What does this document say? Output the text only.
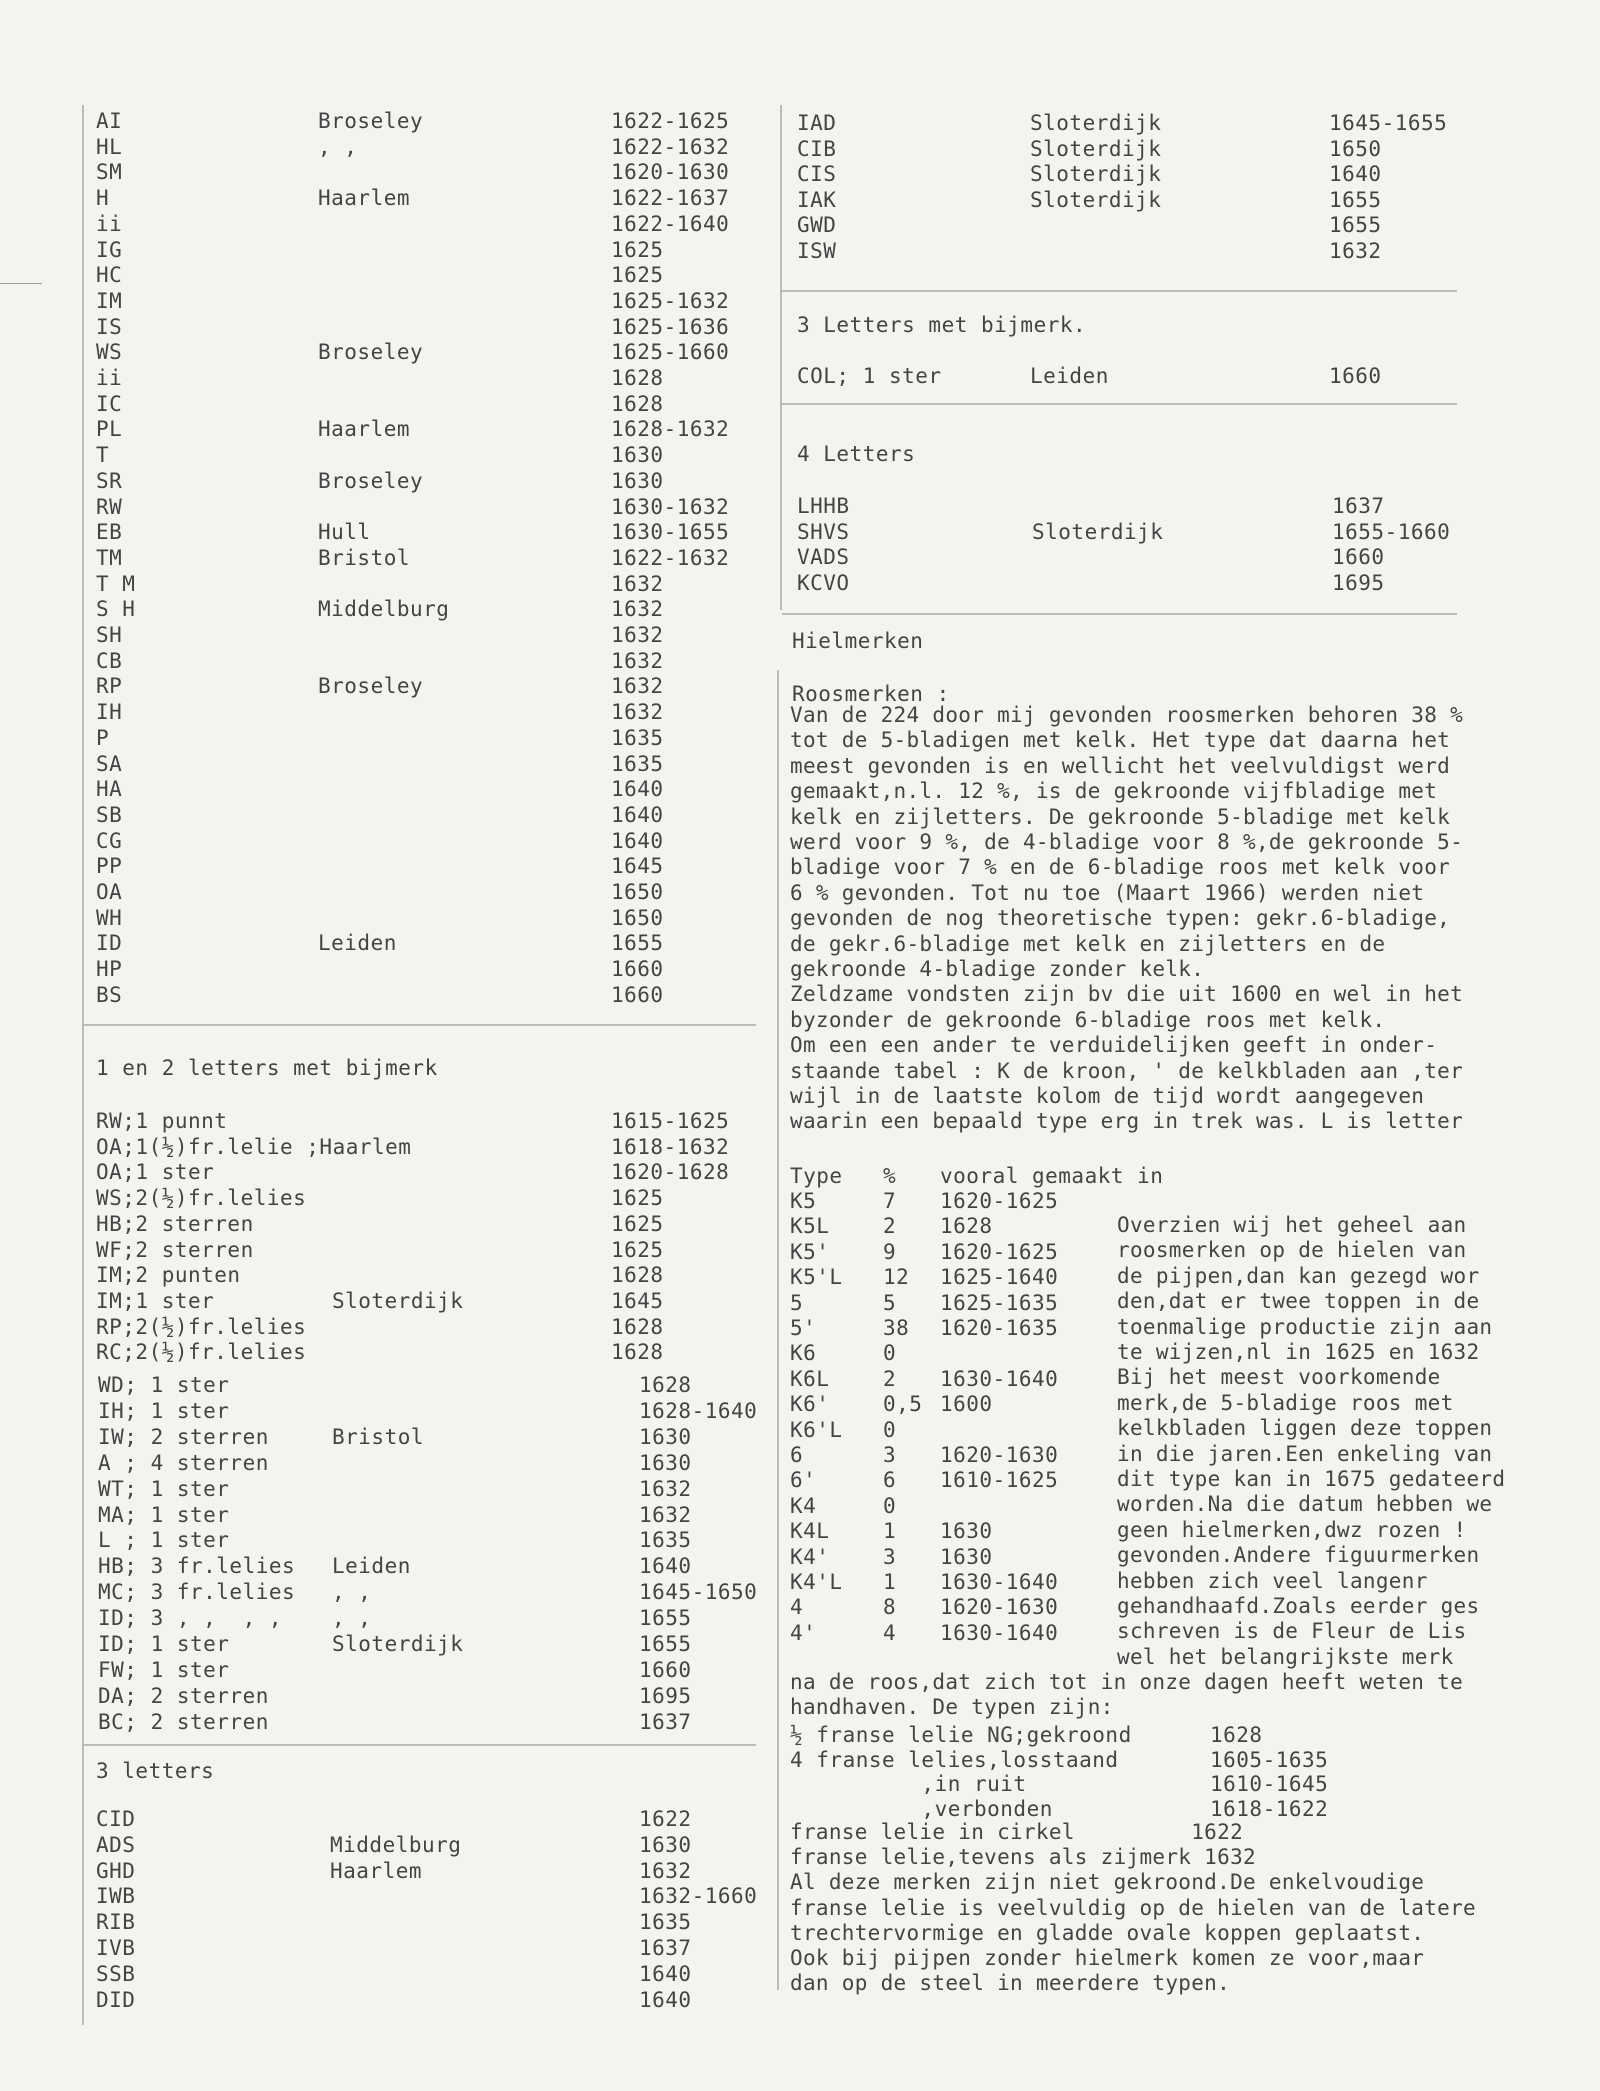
AI	Broseley	1622-1625
HL	, ,	1622-1632
SM	1620-1630
H	Haarlem	1622-1637
ii	1622-1640
IG	1625
HC	1625
IM	1625-1632
IS	1625-1636
WS	Broseley	1625-1660
ii	1628
IC	1628
PL	Haarlem	1628-1632
T	1630
SR	Broseley	1630
RW	1630-1632
EB	Hull	1630-1655
TM	Bristol	1622-1632
T M	1632
S H	Middelburg	1632
SH	1632
CB	1632
RP	Broseley	1632
IH	1632
P	1635
SA	1635
HA	1640
SB	1640
CG	1640
PP	1645
OA	1650
WH	1650
ID	Leiden	1655
HP	1660
BS	1660
1 en 2 letters met bijmerk
RW;1 punnt	1615-1625
OA;1(½)fr.lelie ;Haarlem	1618-1632
OA;1 ster	1620-1628
WS;2(½)fr.lelies	1625
HB;2 sterren	1625
WF;2 sterren	1625
IM;2 punten	1628
IM;1 ster	Sloterdijk	1645
RP;2(½)fr.lelies	1628
RC;2(½)fr.lelies	1628
WD; 1 ster	1628
IH; 1 ster	1628-1640
IW; 2 sterren	Bristol	1630
A ; 4 sterren	1630
WT; 1 ster	1632
MA; 1 ster	1632
L ; 1 ster	1635
HB; 3 fr.lelies Leiden	1640
MC; 3 fr.lelies , ,	1645-1650
ID; 3 , ,  , , , ,	1655
ID; 1 ster	Sloterdijk	1655
FW; 1 ster	1660
DA; 2 sterren	1695
BC; 2 sterren	1637
3 letters
CID	1622
ADS	Middelburg	1630
GHD	Haarlem	1632
IWB	1632-1660
RIB	1635
IVB	1637
SSB	1640
DID	1640
IAD	Sloterdijk	1645-1655
CIB	Sloterdijk	1650
CIS	Sloterdijk	1640
IAK	Sloterdijk	1655
GWD	1655
ISW	1632
3 Letters met bijmerk.
COL; 1 ster	Leiden	1660
4 Letters
LHHB	1637
SHVS	Sloterdijk	1655-1660
VADS	1660
KCVO	1695
Hielmerken
Roosmerken :
Van de 224 door mij gevonden roosmerken behoren 38 %
tot de 5-bladigen met kelk. Het type dat daarna het
meest gevonden is en wellicht het veelvuldigst werd
gemaakt,n.l. 12 %, is de gekroonde vijfbladige met
kelk en zijletters. De gekroonde 5-bladige met kelk
werd voor 9 %, de 4-bladige voor 8 %,de gekroonde 5-
bladige voor 7 % en de 6-bladige roos met kelk voor
6 % gevonden. Tot nu toe (Maart 1966) werden niet
gevonden de nog theoretische typen: gekr.6-bladige,
de gekr.6-bladige met kelk en zijletters en de
gekroonde 4-bladige zonder kelk.
Zeldzame vondsten zijn bv die uit 1600 en wel in het
byzonder de gekroonde 6-bladige roos met kelk.
Om een een ander te verduidelijken geeft in onder-
staande tabel : K de kroon, ' de kelkbladen aan ,ter
wijl in de laatste kolom de tijd wordt aangegeven
waarin een bepaald type erg in trek was. L is letter
Type % vooral gemaakt in
K5	7 1620-1625
K5L	2 1628
K5'	9 1620-1625
K5'L 12 1625-1640
5	5 1625-1635
5'	38 1620-1635
K6	0
K6L	2 1630-1640
K6'	0,5 1600
K6'L 0
6	3 1620-1630
6'	6 1610-1625
K4	0
K4L	1 1630
K4'	3 1630
K4'L 1 1630-1640
4	8 1620-1630
4'	4 1630-1640
Overzien wij het geheel aan
roosmerken op de hielen van
de pijpen,dan kan gezegd wor
den,dat er twee toppen in de
toenmalige productie zijn aan
te wijzen,nl in 1625 en 1632
Bij het meest voorkomende
merk,de 5-bladige roos met
kelkbladen liggen deze toppen
in die jaren.Een enkeling van
dit type kan in 1675 gedateerd
worden.Na die datum hebben we
geen hielmerken,dwz rozen !
gevonden.Andere figuurmerken
hebben zich veel langenr
gehandhaafd.Zoals eerder ges
schreven is de Fleur de Lis
wel het belangrijkste merk
na de roos,dat zich tot in onze dagen heeft weten te
handhaven. De typen zijn:
½ franse lelie NG;gekroond	1628
4 franse lelies,losstaand	1605-1635
,in ruit	1610-1645
,verbonden	1618-1622
franse lelie in cirkel         1622
franse lelie,tevens als zijmerk 1632
Al deze merken zijn niet gekroond.De enkelvoudige
franse lelie is veelvuldig op de hielen van de latere
trechtervormige en gladde ovale koppen geplaatst.
Ook bij pijpen zonder hielmerk komen ze voor,maar
dan op de steel in meerdere typen.
